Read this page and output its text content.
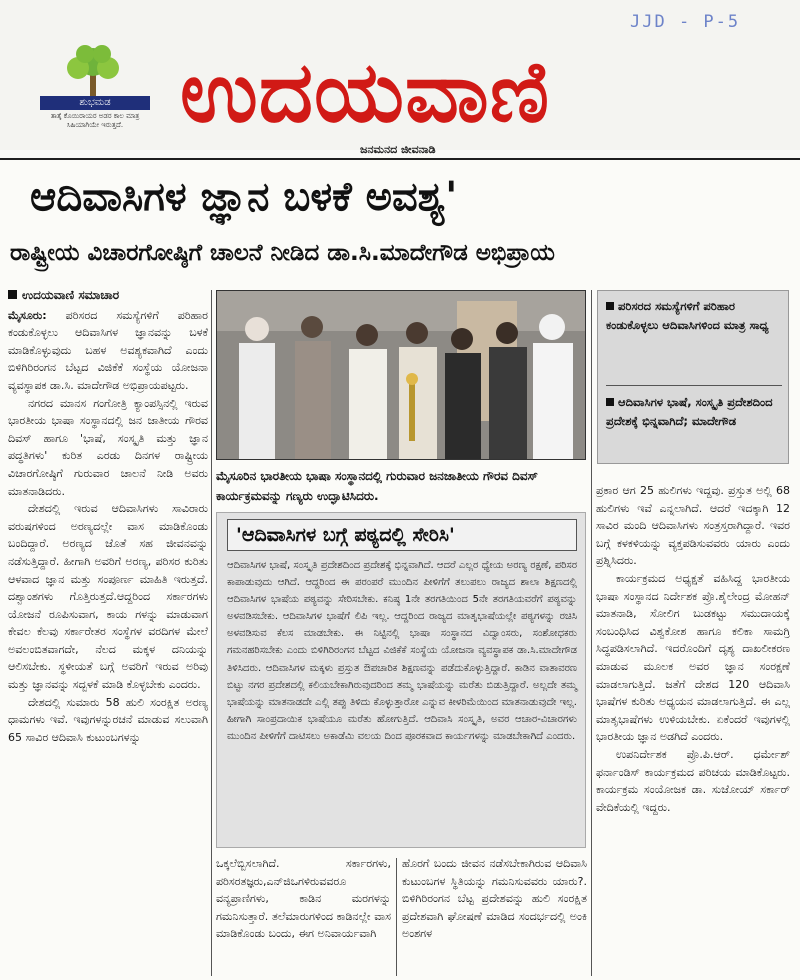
JJD - P-5
ಶುಭಮಡ
ತಾತ್ಕೆ ಕೊಯಿರಾಯರ ಅಡರ ಕಾಲ ಮಾತ್ರ ಸಿಹಿಯಾಗಿಯೇ ಇರುತ್ತದೆ. ಉದಯವಾಣಿ
ಜನಮನದ ಜೀವನಾಡಿ
ಆದಿವಾಸಿಗಳ ಜ್ಞಾನ ಬಳಕೆ ಅವಶ್ಯ'
ರಾಷ್ಟ್ರೀಯ ವಿಚಾರಗೋಷ್ಠಿಗೆ ಚಾಲನೆ ನೀಡಿದ ಡಾ.ಸಿ.ಮಾದೇಗೌಡ ಅಭಿಪ್ರಾಯ
ಉದಯವಾಣಿ ಸಮಾಚಾರ

ಮೈಸೂರು: ಪರಿಸರದ ಸಮಸ್ಯೆಗಳಿಗೆ ಪರಿಹಾರ ಕಂಡುಕೊಳ್ಳಲು ಆದಿವಾಸಿಗಳ ಜ್ಞಾನವನ್ನು ಬಳಕೆ ಮಾಡಿಕೊಳ್ಳುವುದು ಬಹಳ ಅವಶ್ಯಕವಾಗಿದೆ ಎಂದು ಬಿಳಿಗಿರಿರಂಗನ ಬೆಟ್ಟದ ವಿಜಿಕೆಕೆ ಸಂಸ್ಥೆಯ ಯೋಜನಾ ವ್ಯವಸ್ಥಾಪಕ ಡಾ.ಸಿ. ಮಾದೇಗೌಡ ಅಭಿಪ್ರಾಯಪಟ್ಟರು.

ನಗರದ ಮಾನಸ ಗಂಗೋತ್ರಿ ಕ್ಯಾಂಪಸ್ಸಿನಲ್ಲಿ ಇರುವ ಭಾರತೀಯ ಭಾಷಾ ಸಂಸ್ಥಾನದಲ್ಲಿ ಜನ ಜಾತೀಯ ಗೌರವ ದಿವಸ್ ಹಾಗೂ 'ಭಾಷೆ, ಸಂಸ್ಕೃತಿ ಮತ್ತು ಜ್ಞಾನ ಪದ್ಧತಿಗಳು' ಕುರಿತ ಎರಡು ದಿನಗಳ ರಾಷ್ಟ್ರೀಯ ವಿಚಾರಗೋಷ್ಠಿಗೆ ಗುರುವಾರ ಚಾಲನೆ ನೀಡಿ ಅವರು ಮಾತನಾಡಿದರು.

ದೇಶದಲ್ಲಿ ಇರುವ ಆದಿವಾಸಿಗಳು ಸಾವಿರಾರು ವರುಷಗಳಿಂದ ಅರಣ್ಯದಲ್ಲೇ ವಾಸ ಮಾಡಿಕೊಂಡು ಬಂದಿದ್ದಾರೆ. ಅರಣ್ಯದ ಜೊತೆ ಸಹ ಜೀವನವನ್ನು ನಡೆಸುತ್ತಿದ್ದಾರೆ. ಹೀಗಾಗಿ ಅವರಿಗೆ ಅರಣ್ಯ, ಪರಿಸರ ಕುರಿತು ಆಳವಾದ ಜ್ಞಾನ ಮತ್ತು ಸಂಪೂರ್ಣ ಮಾಹಿತಿ ಇರುತ್ತದೆ. ದಶ್ವಾಂಶಗಳು ಗೊತ್ತಿರುತ್ತದೆ.ಆದ್ದರಿಂದ ಸರ್ಕಾರಗಳು ಯೋಜನೆ ರೂಪಿಸುವಾಗ, ಕಾಯ ಗಳನ್ನು ಮಾಡುವಾಗ ಕೇವಲ ಕೆಲವು ಸರ್ಕಾರೇತರ ಸಂಸ್ಥೆಗಳ ವರದಿಗಳ ಮೇಲೆ ಅವಲಂಬಿತವಾಗದೇ, ನೆಲದ ಮಕ್ಕಳ ದನಿಯನ್ನು ಆಲಿಸಬೇಕು. ಸ್ಥಳೀಯತೆ ಬಗ್ಗೆ ಅವರಿಗೆ ಇರುವ ಅರಿವು ಮತ್ತು ಜ್ಞಾನವನ್ನು ಸದ್ಬಳಕೆ ಮಾಡಿ ಕೊಳ್ಳಬೇಕು ಎಂದರು.

ದೇಶದಲ್ಲಿ ಸುಮಾರು 58 ಹುಲಿ ಸಂರಕ್ಷಿತ ಅರಣ್ಯ ಧಾಮಗಳು ಇವೆ. ಇವುಗಳನ್ನುರಚನೆ ಮಾಡುವ ಸಲುವಾಗಿ 65 ಸಾವಿರ ಆದಿವಾಸಿ ಕುಟುಂಬಗಳನ್ನು

ಮೈಸೂರಿನ ಭಾರತೀಯ ಭಾಷಾ ಸಂಸ್ಥಾನದಲ್ಲಿ ಗುರುವಾರ ಜನಜಾತೀಯ ಗೌರವ ದಿವಸ್ ಕಾರ್ಯಕ್ರಮವನ್ನು ಗಣ್ಯರು ಉದ್ಘಾಟಿಸಿದರು.
ಪರಿಸರದ ಸಮಸ್ಯೆಗಳಿಗೆ ಪರಿಹಾರ ಕಂಡುಕೊಳ್ಳಲು ಆದಿವಾಸಿಗಳಿಂದ ಮಾತ್ರ ಸಾಧ್ಯ
ಆದಿವಾಸಿಗಳ ಭಾಷೆ, ಸಂಸ್ಕೃತಿ ಪ್ರದೇಶದಿಂದ ಪ್ರದೇಶಕ್ಕೆ ಭಿನ್ನವಾಗಿದೆ; ಮಾದೇಗೌಡ
'ಆದಿವಾಸಿಗಳ ಬಗ್ಗೆ ಪಠ್ಯದಲ್ಲಿ ಸೇರಿಸಿ'
ಆದಿವಾಸಿಗಳ ಭಾಷೆ, ಸಂಸ್ಕೃತಿ ಪ್ರದೇಶದಿಂದ ಪ್ರದೇಶಕ್ಕೆ ಭಿನ್ನವಾಗಿದೆ. ಆದರೆ ಎಲ್ಲರ ಧ್ಯೇಯ ಅರಣ್ಯ ರಕ್ಷಣೆ, ಪರಿಸರ ಕಾಪಾಡುವುದು ಆಗಿದೆ. ಆದ್ದರಿಂದ ಈ ಪರಂಪರೆ ಮುಂದಿನ ಪೀಳಿಗೆಗೆ ತಲುಪಲು ರಾಜ್ಯದ ಶಾಲಾ ಶಿಕ್ಷಣದಲ್ಲಿ ಆದಿವಾಸಿಗಳ ಭಾಷೆಯ ಪಠ್ಯವನ್ನು ಸೇರಿಸಬೇಕು. ಕನಿಷ್ಠ 1ನೇ ತರಗತಿಯಿಂದ 5ನೇ ತರಗತಿಯವರೆಗೆ ಪಠ್ಯವನ್ನು ಅಳವಡಿಸಬೇಕು. ಆದಿವಾಸಿಗಳ ಭಾಷೆಗೆ ಲಿಪಿ ಇಲ್ಲ. ಆದ್ದರಿಂದ ರಾಜ್ಯದ ಮಾತೃಭಾಷೆಯಲ್ಲೇ ಪಠ್ಯಗಳನ್ನು ರಚಿಸಿ ಅಳವಡಿಸುವ ಕೆಲಸ ಮಾಡಬೇಕು. ಈ ನಿಟ್ಟಿನಲ್ಲಿ ಭಾಷಾ ಸಂಸ್ಥಾನದ ವಿದ್ವಾಂಸರು, ಸಂಶೋಧಕರು ಗಮನಹರಿಸಬೇಕು ಎಂದು ಬಿಳಿಗಿರಿರಂಗನ ಬೆಟ್ಟದ ವಿಜಿಕೆಕೆ ಸಂಸ್ಥೆಯ ಯೋಜನಾ ವ್ಯವಸ್ಥಾಪಕ ಡಾ.ಸಿ.ಮಾದೇಗೌಡ ತಿಳಿಸಿದರು. ಆದಿವಾಸಿಗಳ ಮಕ್ಕಳು ಪ್ರಸ್ತುತ ಔಪಚಾರಿಕ ಶಿಕ್ಷಣವನ್ನು ಪಡೆದುಕೊಳ್ಳುತ್ತಿದ್ದಾರೆ. ಕಾಡಿನ ವಾತಾವರಣ ಬಿಟ್ಟು ನಗರ ಪ್ರದೇಶದಲ್ಲಿ ಕಲಿಯಬೇಕಾಗಿರುವುದರಿಂದ ತಮ್ಮ ಭಾಷೆಯನ್ನು ಮರೆತು ಬಿಡುತ್ತಿದ್ದಾರೆ. ಅಲ್ಲದೇ ತಮ್ಮ ಭಾಷೆಯನ್ನು ಮಾತನಾಡದೇ ಎಲ್ಲಿ ತಪ್ಪು ತಿಳಿದು ಕೊಳ್ಳುತ್ತಾರೋ ಎನ್ನುವ ಕೀಳರಿಮೆಯಿಂದ ಮಾತನಾಡುವುದೇ ಇಲ್ಲ. ಹೀಗಾಗಿ ಸಾಂಪ್ರದಾಯಿಕ ಭಾಷೆಯೂ ಮರೆತು ಹೋಗುತ್ತಿದೆ. ಆದಿವಾಸಿ ಸಂಸ್ಕೃತಿ, ಅವರ ಆಚಾರ-ವಿಚಾರಗಳು ಮುಂದಿನ ಪೀಳಿಗೆಗೆ ದಾಟಿಸಲು ಅಕಾಡೆಮಿ ವಲಯ ದಿಂದ ಪೂರಕವಾದ ಕಾರ್ಯಗಳನ್ನು ಮಾಡಬೇಕಾಗಿದೆ ಎಂದರು.
ಒಕ್ಕಲೆಬ್ಬಿಸಲಾಗಿದೆ. ಸರ್ಕಾರಗಳು, ಪರಿಸರತಜ್ಞರು,ಎನ್‌ಜಿಒಗಳಿರುವವರೂ ವನ್ಯಪ್ರಾಣಿಗಳು, ಕಾಡಿನ ಮರಗಳನ್ನು ಗಮನಿಸುತ್ತಾರೆ. ತಲೆಮಾರುಗಳಿಂದ ಕಾಡಿನಲ್ಲೇ ವಾಸ ಮಾಡಿಕೊಂಡು ಬಂದು, ಈಗ ಅನಿವಾರ್ಯವಾಗಿ
ಹೊರಗೆ ಬಂದು ಜೀವನ ನಡೆಸಬೇಕಾಗಿರುವ ಆದಿವಾಸಿ ಕುಟುಂಬಗಳ ಸ್ಥಿತಿಯನ್ನು ಗಮನಿಸುವವರು ಯಾರು?. ಬಿಳಿಗಿರಿರಂಗನ ಬೆಟ್ಟ ಪ್ರದೇಶವನ್ನು ಹುಲಿ ಸಂರಕ್ಷಿತ ಪ್ರದೇಶವಾಗಿ ಘೋಷಣೆ ಮಾಡಿದ ಸಂದರ್ಭದಲ್ಲಿ ಅಂಕಿ ಅಂಶಗಳ

ಪ್ರಕಾರ ಆಗ 25 ಹುಲಿಗಳು ಇದ್ದವು. ಪ್ರಸ್ತುತ ಅಲ್ಲಿ 68 ಹುಲಿಗಳು ಇವೆ ಎನ್ನಲಾಗಿದೆ. ಆದರೆ ಇದಕ್ಕಾಗಿ 12 ಸಾವಿರ ಮಂದಿ ಆದಿವಾಸಿಗಳು ಸಂತ್ರಸ್ತರಾಗಿದ್ದಾರೆ. ಇವರ ಬಗ್ಗೆ ಕಳಕಳಿಯನ್ನು ವ್ಯಕ್ತಪಡಿಸುವವರು ಯಾರು ಎಂದು ಪ್ರಶ್ನಿಸಿದರು.

ಕಾರ್ಯಕ್ರಮದ ಅಧ್ಯಕ್ಷತೆ ವಹಿಸಿದ್ದ ಭಾರತೀಯ ಭಾಷಾ ಸಂಸ್ಥಾನದ ನಿರ್ದೇಶಕ ಪ್ರೊ.ಶೈಲೇಂದ್ರ ಮೋಹನ್ ಮಾತನಾಡಿ, ಸೋಲಿಗ ಬುಡಕಟ್ಟು ಸಮುದಾಯಕ್ಕೆ ಸಂಬಂಧಿಸಿದ ವಿಶ್ವಕೋಶ ಹಾಗೂ ಕಲಿಕಾ ಸಾಮಗ್ರಿ ಸಿದ್ಧಪಡಿಸಲಾಗಿದೆ. ಇದರೊಂದಿಗೆ ದೃಶ್ಯ ದಾಖಲೀಕರಣ ಮಾಡುವ ಮೂಲಕ ಅವರ ಜ್ಞಾನ ಸಂರಕ್ಷಣೆ ಮಾಡಲಾಗುತ್ತಿದೆ. ಜತೆಗೆ ದೇಶದ 120 ಆದಿವಾಸಿ ಭಾಷೆಗಳ ಕುರಿತು ಅಧ್ಯಯನ ಮಾಡಲಾಗುತ್ತಿದೆ. ಈ ಎಲ್ಲ ಮಾತೃಭಾಷೆಗಳು ಉಳಿಯಬೇಕು. ಏಕೆಂದರೆ ಇವುಗಳಲ್ಲಿ ಭಾರತೀಯ ಜ್ಞಾನ ಅಡಗಿದೆ ಎಂದರು.

ಉಪನಿರ್ದೇಶಕ ಪ್ರೊ.ಪಿ.ಆರ್. ಧರ್ಮೇಶ್ ಫರ್ನಾಂಡಿಸ್ ಕಾರ್ಯಕ್ರಮದ ಪರಿಚಯ ಮಾಡಿಕೊಟ್ಟರು. ಕಾರ್ಯಕ್ರಮ ಸಂಯೋಜಕ ಡಾ. ಸುಜೋಯ್ ಸರ್ಕಾರ್ ವೇದಿಕೆಯಲ್ಲಿ ಇದ್ದರು.
